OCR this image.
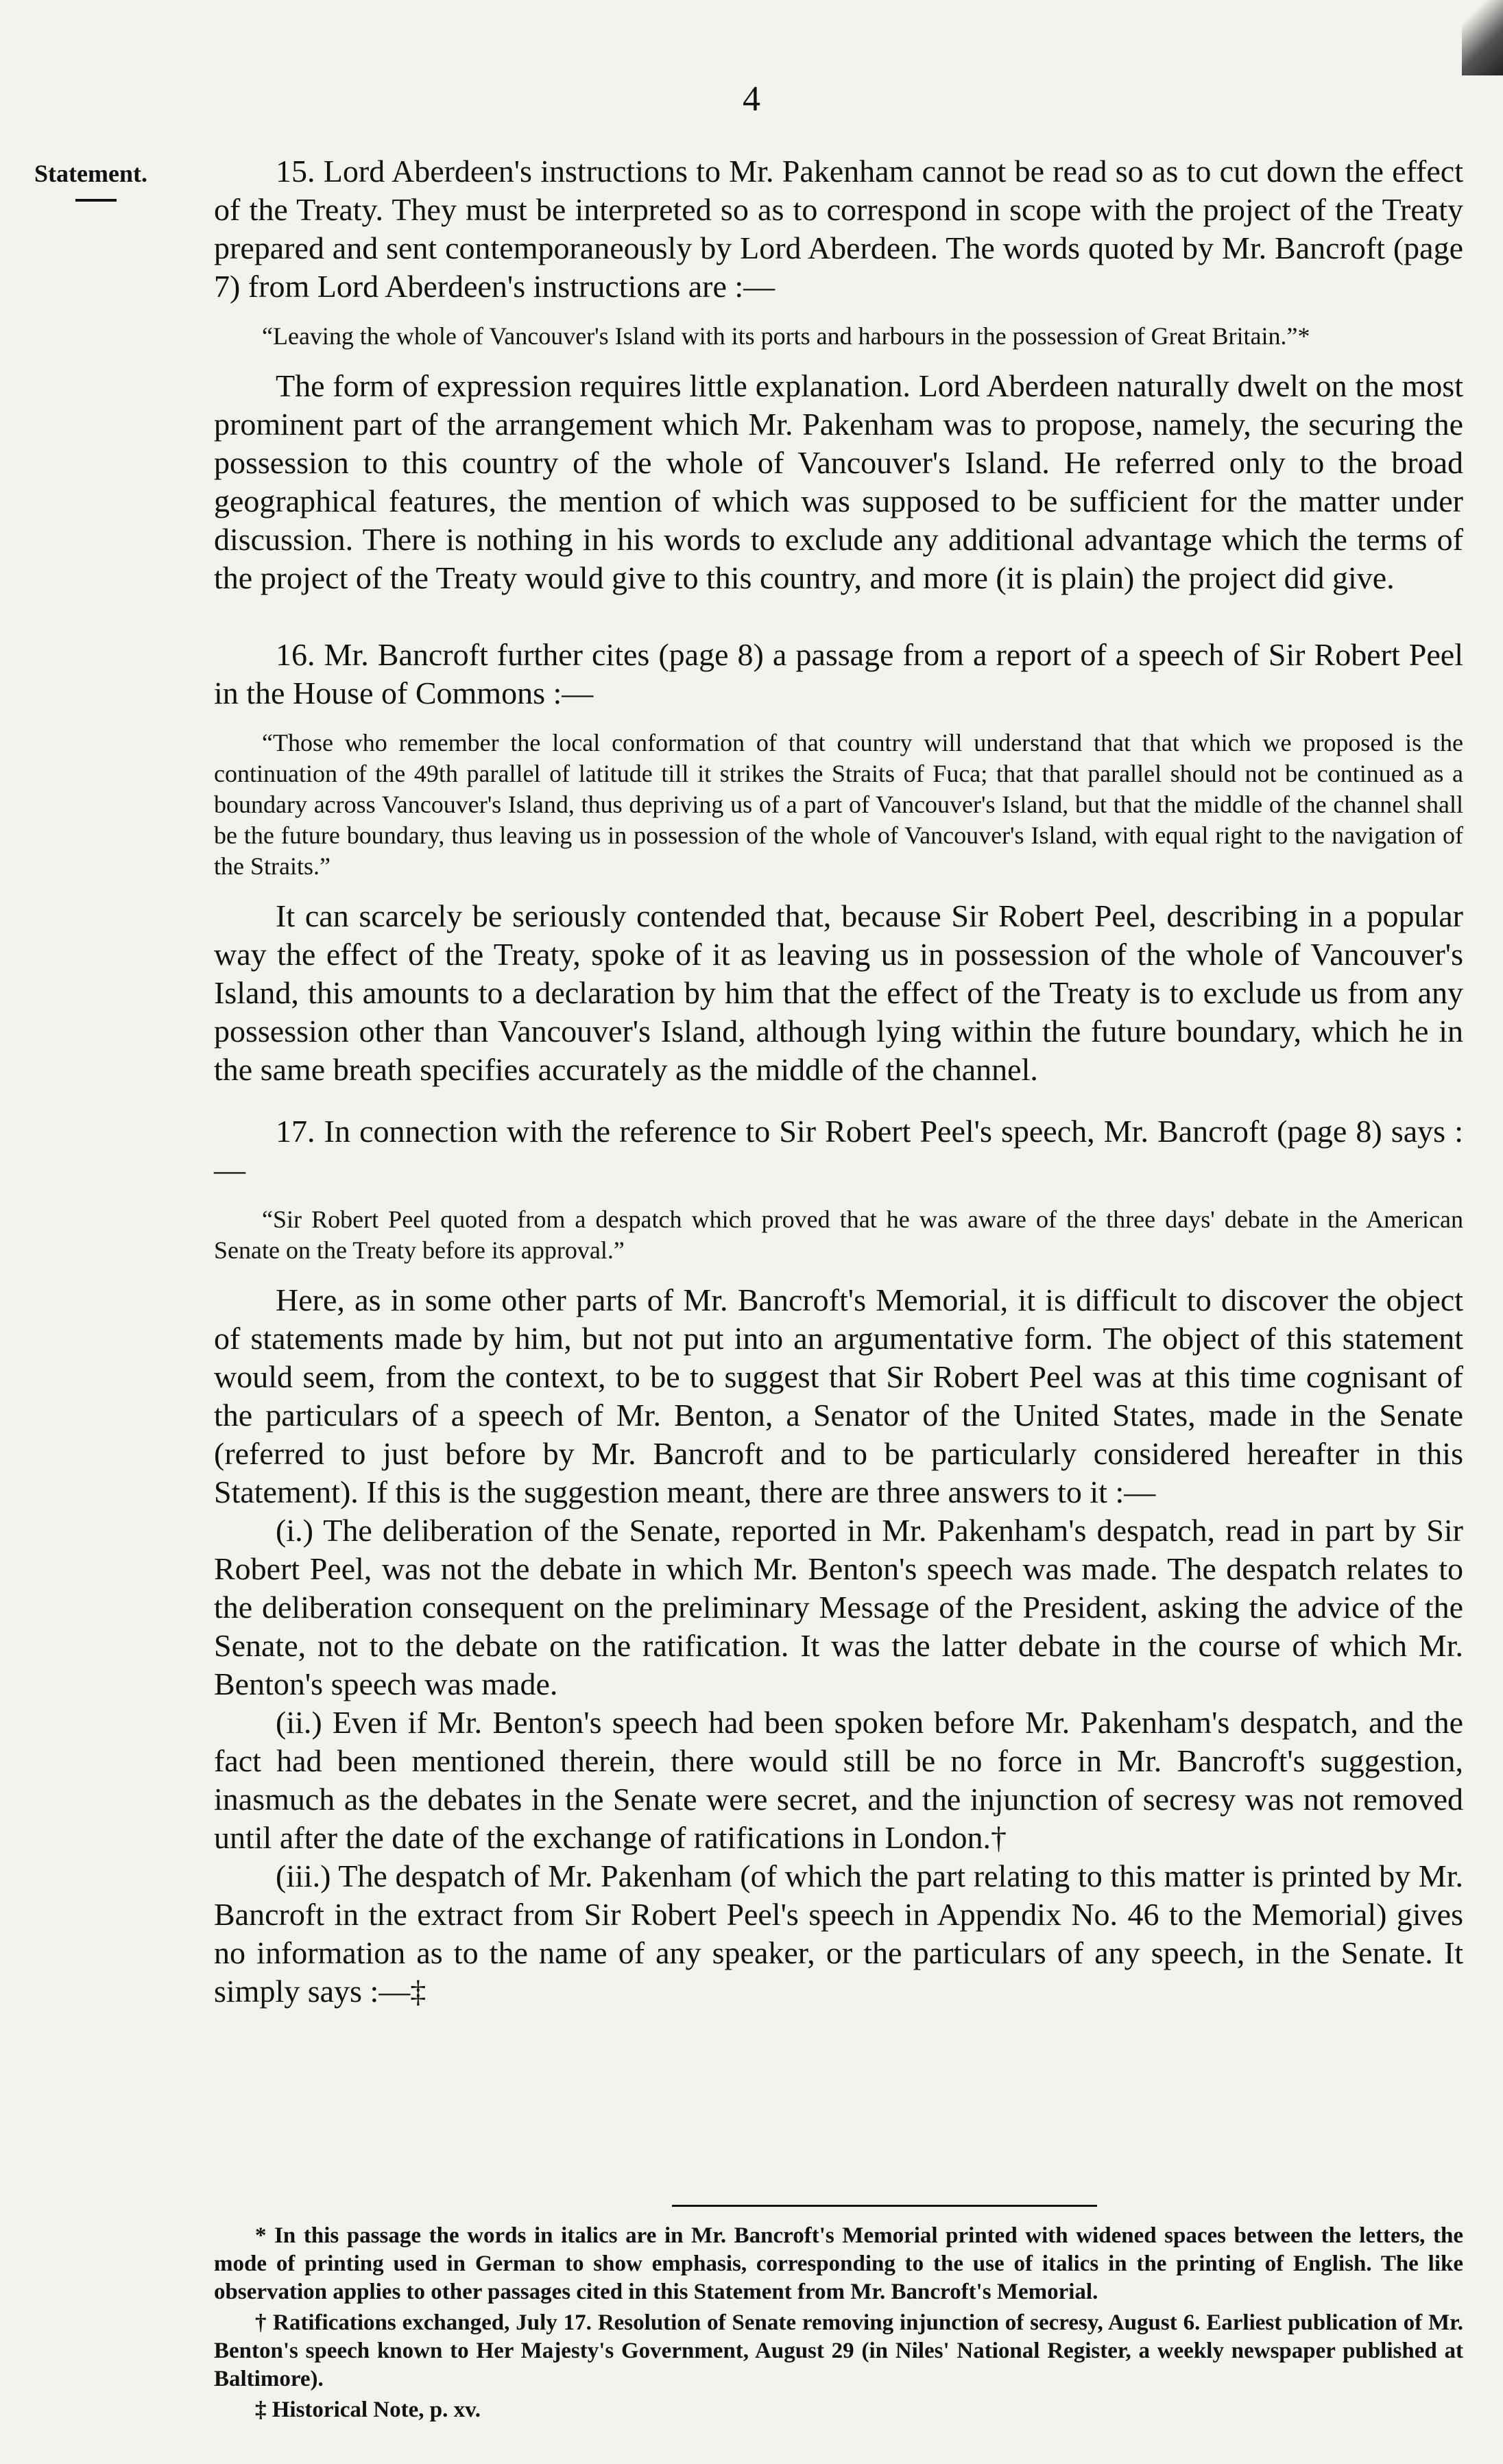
4
Statement.	15. Lord Aberdeen's instructions to Mr. Pakenham cannot be read so as to cut down the effect of the Treaty. They must be interpreted so as to correspond in scope with the project of the Treaty prepared and sent contemporaneously by Lord Aberdeen. The words quoted by Mr. Bancroft (page 7) from Lord Aberdeen's instructions are :—

“Leaving the whole of Vancouver's Island with its ports and harbours in the possession of Great Britain.”*

The form of expression requires little explanation. Lord Aberdeen naturally dwelt on the most prominent part of the arrangement which Mr. Pakenham was to propose, namely, the securing the possession to this country of the whole of Vancouver's Island. He referred only to the broad geographical features, the mention of which was supposed to be sufficient for the matter under discussion. There is nothing in his words to exclude any additional advantage which the terms of the project of the Treaty would give to this country, and more (it is plain) the project did give.

16. Mr. Bancroft further cites (page 8) a passage from a report of a speech of Sir Robert Peel in the House of Commons :—

“Those who remember the local conformation of that country will understand that that which we proposed is the continuation of the 49th parallel of latitude till it strikes the Straits of Fuca; that that parallel should not be continued as a boundary across Vancouver's Island, thus depriving us of a part of Vancouver's Island, but that the middle of the channel shall be the future boundary, thus leaving us in possession of the whole of Vancouver's Island, with equal right to the navigation of the Straits.”

It can scarcely be seriously contended that, because Sir Robert Peel, describing in a popular way the effect of the Treaty, spoke of it as leaving us in possession of the whole of Vancouver's Island, this amounts to a declaration by him that the effect of the Treaty is to exclude us from any possession other than Vancouver's Island, although lying within the future boundary, which he in the same breath specifies accurately as the middle of the channel.

17. In connection with the reference to Sir Robert Peel's speech, Mr. Bancroft (page 8) says :—

“Sir Robert Peel quoted from a despatch which proved that he was aware of the three days' debate in the American Senate on the Treaty before its approval.”

Here, as in some other parts of Mr. Bancroft's Memorial, it is difficult to discover the object of statements made by him, but not put into an argumentative form. The object of this statement would seem, from the context, to be to suggest that Sir Robert Peel was at this time cognisant of the particulars of a speech of Mr. Benton, a Senator of the United States, made in the Senate (referred to just before by Mr. Bancroft and to be particularly considered hereafter in this Statement). If this is the suggestion meant, there are three answers to it :—

(i.) The deliberation of the Senate, reported in Mr. Pakenham's despatch, read in part by Sir Robert Peel, was not the debate in which Mr. Benton's speech was made. The despatch relates to the deliberation consequent on the preliminary Message of the President, asking the advice of the Senate, not to the debate on the ratification. It was the latter debate in the course of which Mr. Benton's speech was made.

(ii.) Even if Mr. Benton's speech had been spoken before Mr. Pakenham's despatch, and the fact had been mentioned therein, there would still be no force in Mr. Bancroft's suggestion, inasmuch as the debates in the Senate were secret, and the injunction of secresy was not removed until after the date of the exchange of ratifications in London.†

(iii.) The despatch of Mr. Pakenham (of which the part relating to this matter is printed by Mr. Bancroft in the extract from Sir Robert Peel's speech in Appendix No. 46 to the Memorial) gives no information as to the name of any speaker, or the particulars of any speech, in the Senate. It simply says :—‡

* In this passage the words in italics are in Mr. Bancroft's Memorial printed with widened spaces between the letters, the mode of printing used in German to show emphasis, corresponding to the use of italics in the printing of English. The like observation applies to other passages cited in this Statement from Mr. Bancroft's Memorial.

† Ratifications exchanged, July 17. Resolution of Senate removing injunction of secresy, August 6. Earliest publication of Mr. Benton's speech known to Her Majesty's Government, August 29 (in Niles' National Register, a weekly newspaper published at Baltimore).

‡ Historical Note, p. xv.
